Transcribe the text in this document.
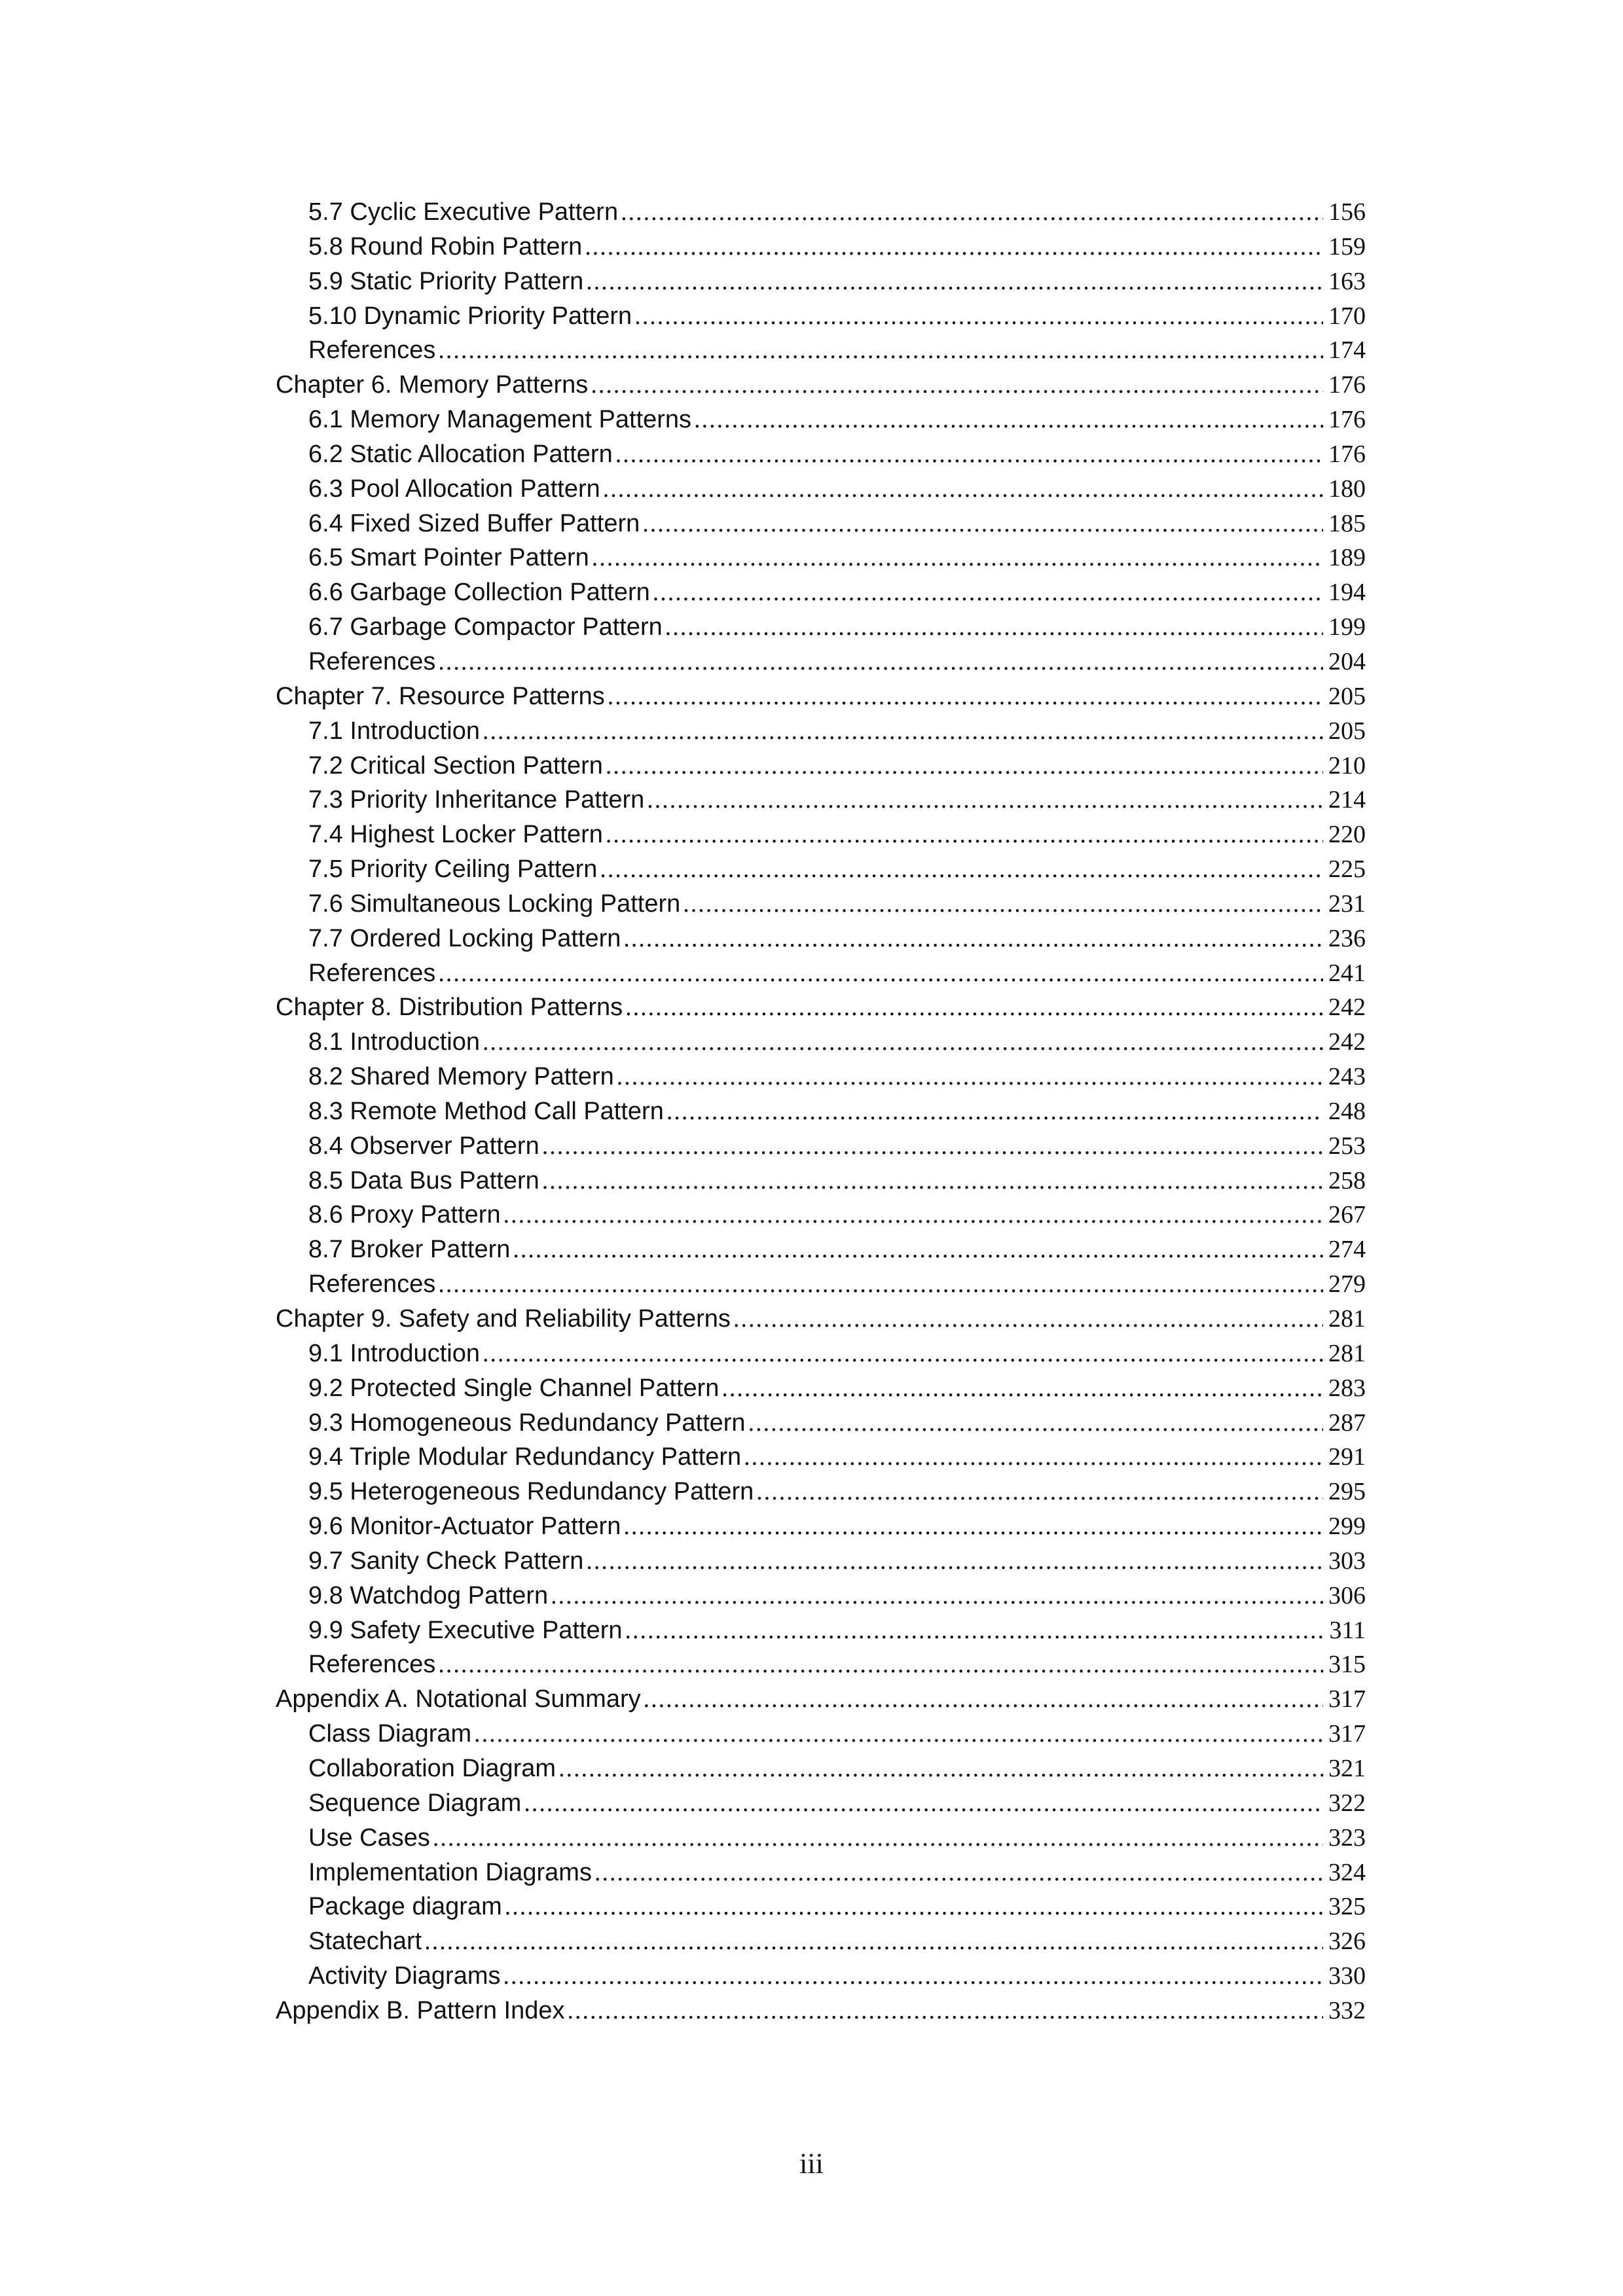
5.7 Cyclic Executive Pattern .....	156
5.8 Round Robin Pattern .....	159
5.9 Static Priority Pattern .....	163
5.10 Dynamic Priority Pattern .....	170
References .....	174
Chapter 6. Memory Patterns .....	176
6.1 Memory Management Patterns .....	176
6.2 Static Allocation Pattern .....	176
6.3 Pool Allocation Pattern .....	180
6.4 Fixed Sized Buffer Pattern .....	185
6.5 Smart Pointer Pattern .....	189
6.6 Garbage Collection Pattern .....	194
6.7 Garbage Compactor Pattern .....	199
References .....	204
Chapter 7. Resource Patterns .....	205
7.1 Introduction .....	205
7.2 Critical Section Pattern .....	210
7.3 Priority Inheritance Pattern .....	214
7.4 Highest Locker Pattern .....	220
7.5 Priority Ceiling Pattern .....	225
7.6 Simultaneous Locking Pattern .....	231
7.7 Ordered Locking Pattern .....	236
References .....	241
Chapter 8. Distribution Patterns .....	242
8.1 Introduction .....	242
8.2 Shared Memory Pattern .....	243
8.3 Remote Method Call Pattern .....	248
8.4 Observer Pattern .....	253
8.5 Data Bus Pattern .....	258
8.6 Proxy Pattern .....	267
8.7 Broker Pattern .....	274
References .....	279
Chapter 9. Safety and Reliability Patterns .....	281
9.1 Introduction .....	281
9.2 Protected Single Channel Pattern .....	283
9.3 Homogeneous Redundancy Pattern .....	287
9.4 Triple Modular Redundancy Pattern .....	291
9.5 Heterogeneous Redundancy Pattern .....	295
9.6 Monitor-Actuator Pattern .....	299
9.7 Sanity Check Pattern .....	303
9.8 Watchdog Pattern .....	306
9.9 Safety Executive Pattern .....	311
References .....	315
Appendix A. Notational Summary .....	317
Class Diagram .....	317
Collaboration Diagram .....	321
Sequence Diagram .....	322
Use Cases .....	323
Implementation Diagrams .....	324
Package diagram .....	325
Statechart .....	326
Activity Diagrams .....	330
Appendix B. Pattern Index .....	332
iii
